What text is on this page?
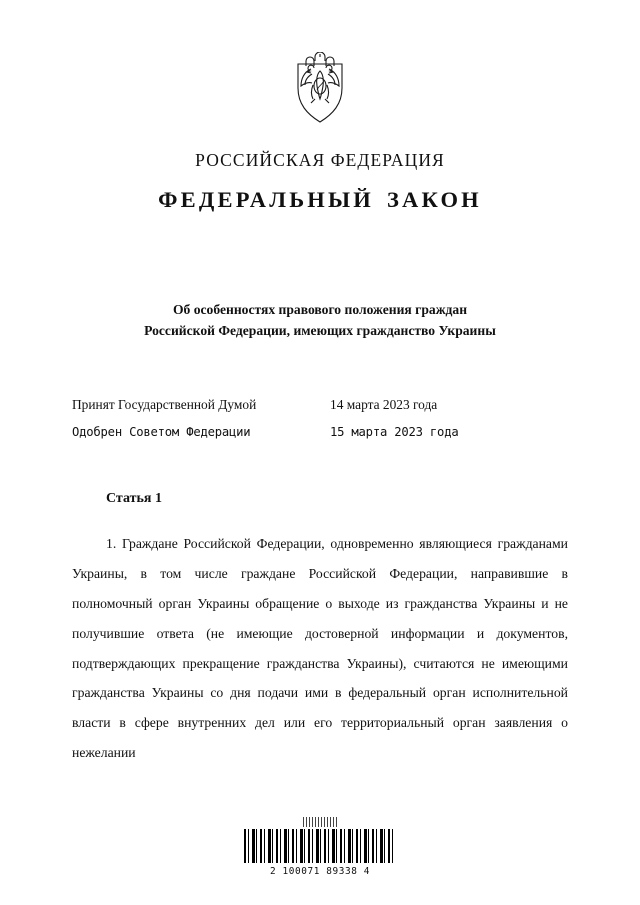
РОССИЙСКАЯ ФЕДЕРАЦИЯ
ФЕДЕРАЛЬНЫЙ ЗАКОН
Об особенностях правового положения граждан
Российской Федерации, имеющих гражданство Украины
Принят Государственной Думой	14 марта 2023 года
Одобрен Советом Федерации	15 марта 2023 года
Статья 1
1. Граждане Российской Федерации, одновременно являющиеся гражданами Украины, в том числе граждане Российской Федерации, направившие в полномочный орган Украины обращение о выходе из гражданства Украины и не получившие ответа (не имеющие достоверной информации и документов, подтверждающих прекращение гражданства Украины), считаются не имеющими гражданства Украины со дня подачи ими в федеральный орган исполнительной власти в сфере внутренних дел или его территориальный орган заявления о нежелании
2 100071 89338 4
